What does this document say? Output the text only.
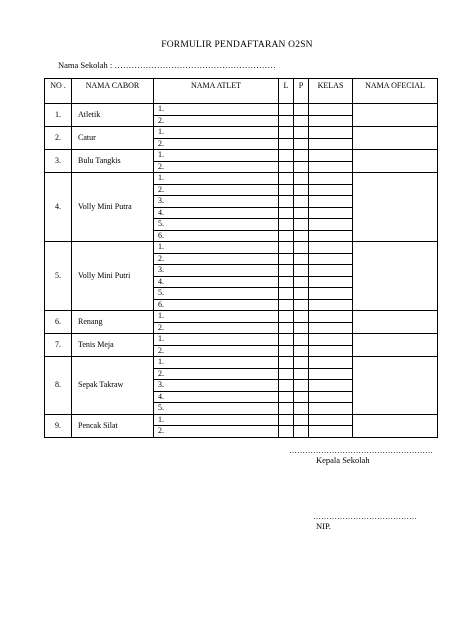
FORMULIR PENDAFTARAN O2SN
Nama Sekolah : …………………………………………………
NO .	NAMA CABOR	NAMA ATLET	L	P	KELAS	NAMA OFECIAL
1.	Atletik	1.				
		2.				
2.	Catur	1.				
		2.				
3.	Bulu Tangkis	1.				
		2.				
4.	Volly Mini Putra	1.				
		2.				
		3.				
		4.				
		5.				
		6.				
5.	Volly Mini Putri	1.				
		2.				
		3.				
		4.				
		5.				
		6.				
6.	Renang	1.				
		2.				
7.	Tenis Meja	1.				
		2.				
8.	Sepak Takraw	1.				
		2.				
		3.				
		4.				
		5.				
9.	Pencak Silat	1.				
		2.				
………………………………………………
Kepala Sekolah
…………………………………
NIP.
